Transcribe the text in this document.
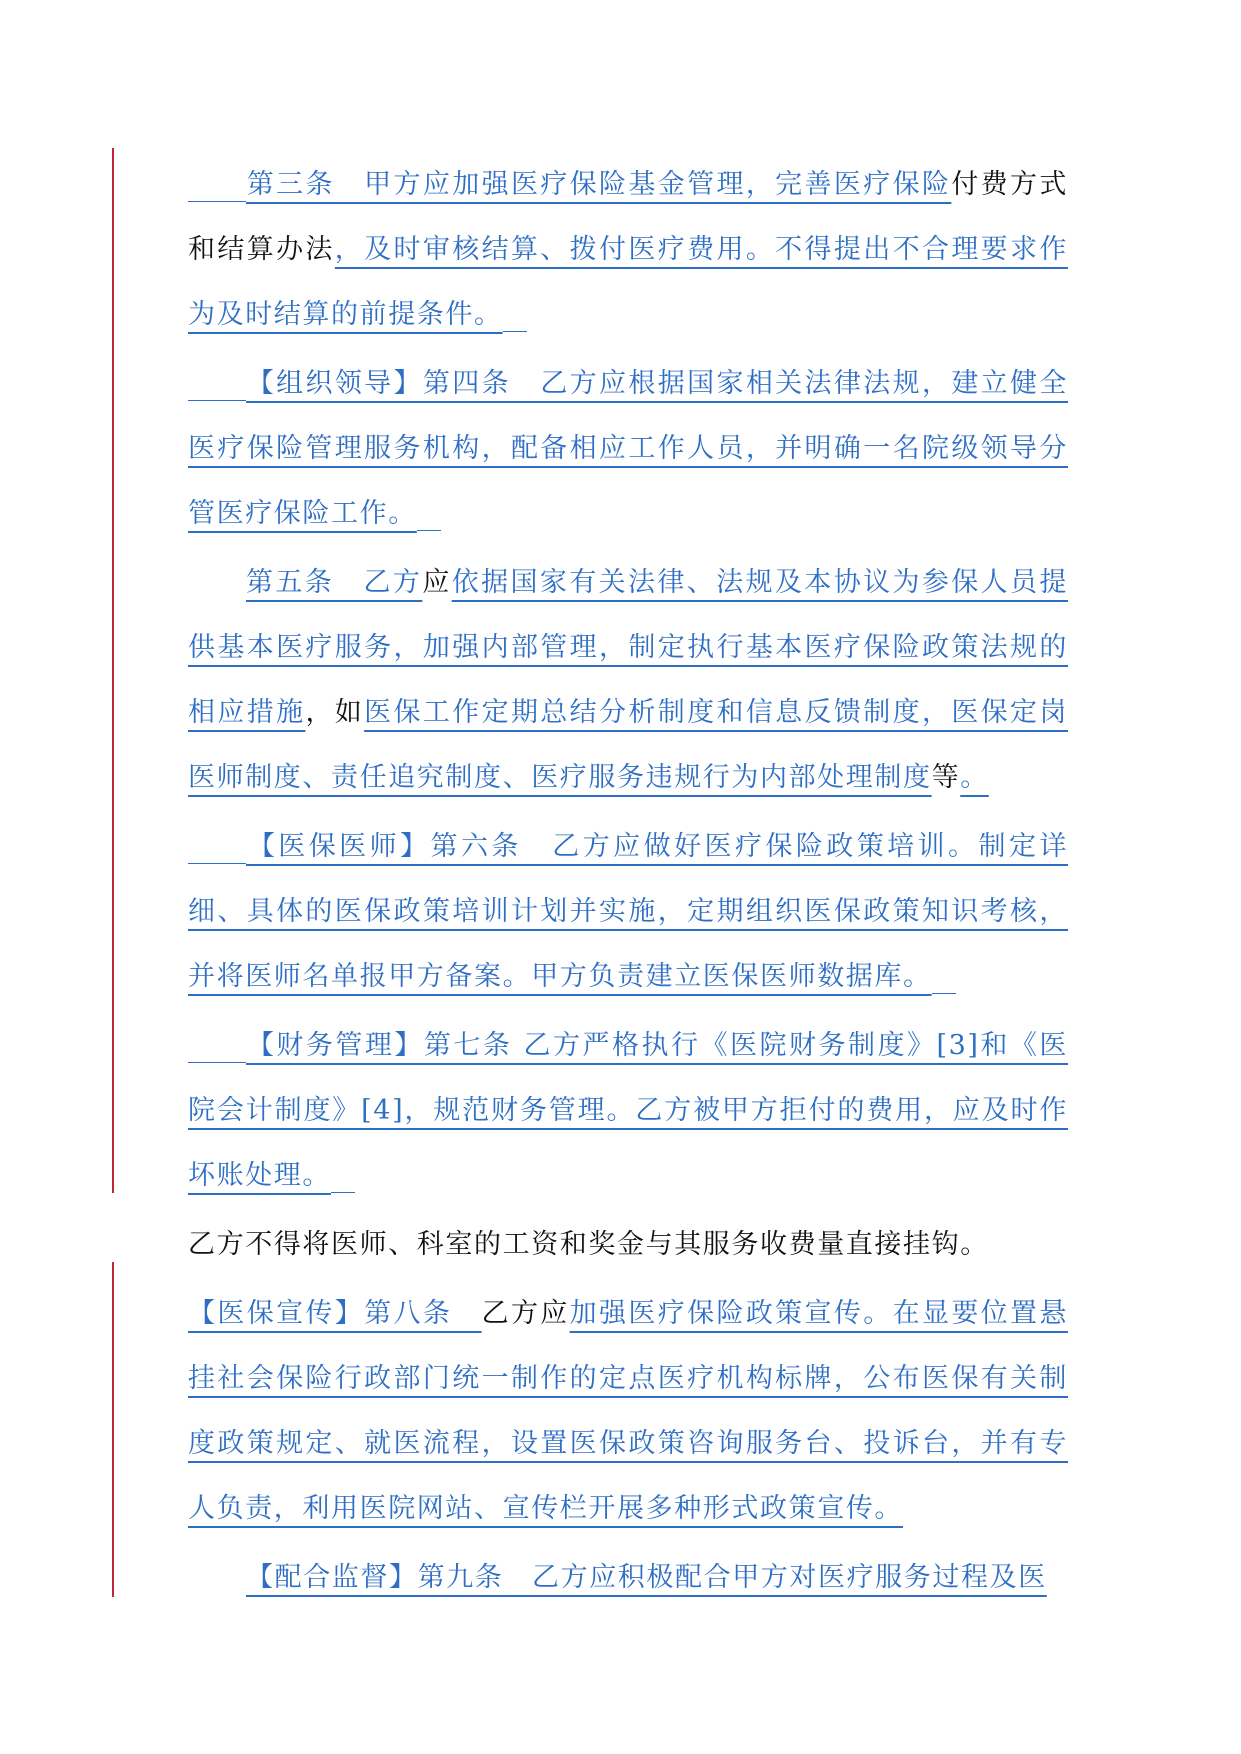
第三条　甲方应加强医疗保险基金管理，完善医疗保险付费方式和结算办法，及时审核结算、拨付医疗费用。不得提出不合理要求作为及时结算的前提条件。

【组织领导】第四条　乙方应根据国家相关法律法规，建立健全医疗保险管理服务机构，配备相应工作人员，并明确一名院级领导分管医疗保险工作。

第五条　乙方应依据国家有关法律、法规及本协议为参保人员提供基本医疗服务，加强内部管理，制定执行基本医疗保险政策法规的相应措施，如医保工作定期总结分析制度和信息反馈制度，医保定岗医师制度、责任追究制度、医疗服务违规行为内部处理制度等。

【医保医师】第六条　乙方应做好医疗保险政策培训。制定详细、具体的医保政策培训计划并实施，定期组织医保政策知识考核，并将医师名单报甲方备案。甲方负责建立医保医师数据库。

【财务管理】第七条 乙方严格执行《医院财务制度》[3]和《医院会计制度》[4]，规范财务管理。乙方被甲方拒付的费用，应及时作坏账处理。

乙方不得将医师、科室的工资和奖金与其服务收费量直接挂钩。

【医保宣传】第八条　乙方应加强医疗保险政策宣传。在显要位置悬挂社会保险行政部门统一制作的定点医疗机构标牌，公布医保有关制度政策规定、就医流程，设置医保政策咨询服务台、投诉台，并有专人负责，利用医院网站、宣传栏开展多种形式政策宣传。

【配合监督】第九条　乙方应积极配合甲方对医疗服务过程及医
